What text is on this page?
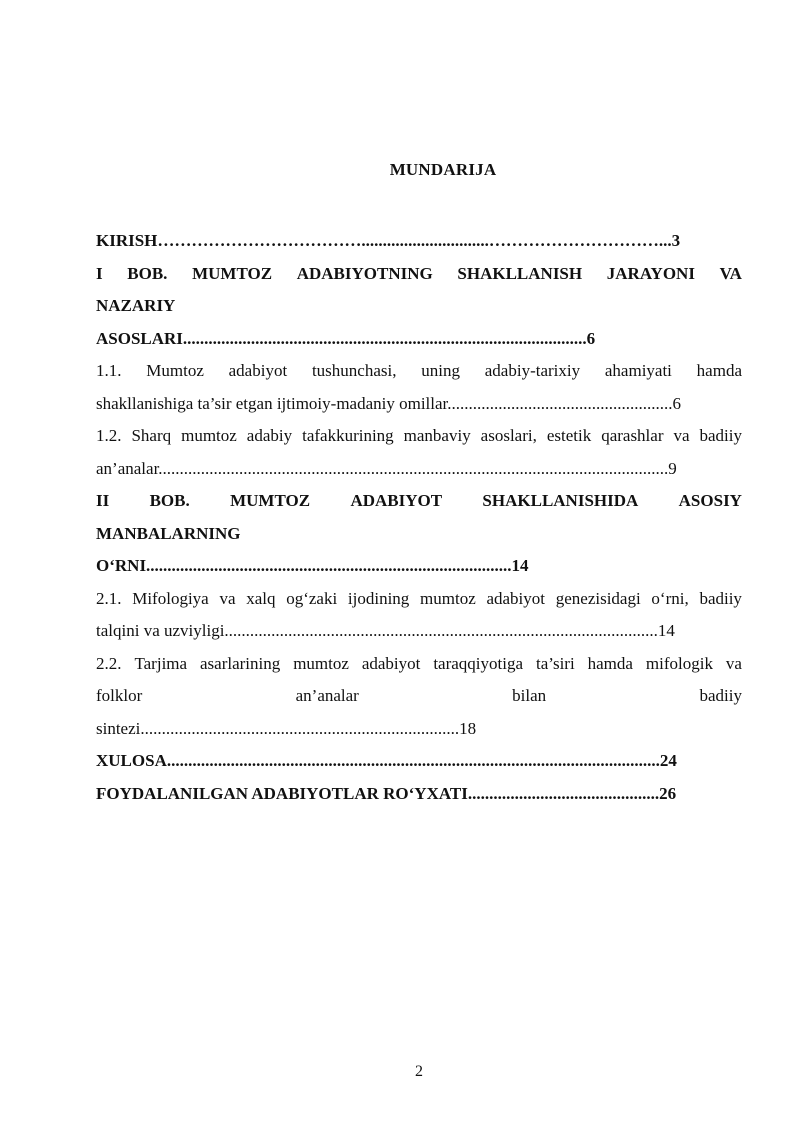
MUNDARIJA
KIRISH………………………………..............................…………………………...3
I BOB. MUMTOZ ADABIYOTNING SHAKLLANISH JARAYONI VA
NAZARIY
ASOSLARI...............................................................................................6
1.1. Mumtoz adabiyot tushunchasi, uning adabiy-tarixiy ahamiyati hamda
shakllanishiga ta’sir etgan ijtimoiy-madaniy omillar.....................................................6
1.2. Sharq mumtoz adabiy tafakkurining manbaviy asoslari, estetik qarashlar va badiiy
an’analar........................................................................................................................9
II BOB. MUMTOZ ADABIYOT SHAKLLANISHIDA ASOSIY
MANBALARNING
O‘RNI......................................................................................14
2.1. Mifologiya va xalq og‘zaki ijodining mumtoz adabiyot genezisidagi o‘rni, badiiy
talqini va uzviyligi......................................................................................................14
2.2. Tarjima asarlarining mumtoz adabiyot taraqqiyotiga ta’siri hamda mifologik va
folklor	an’analar	bilan	badiiy
sintezi...........................................................................18
XULOSA....................................................................................................................24
FOYDALANILGAN ADABIYOTLAR RO‘YXATI.............................................26
2
